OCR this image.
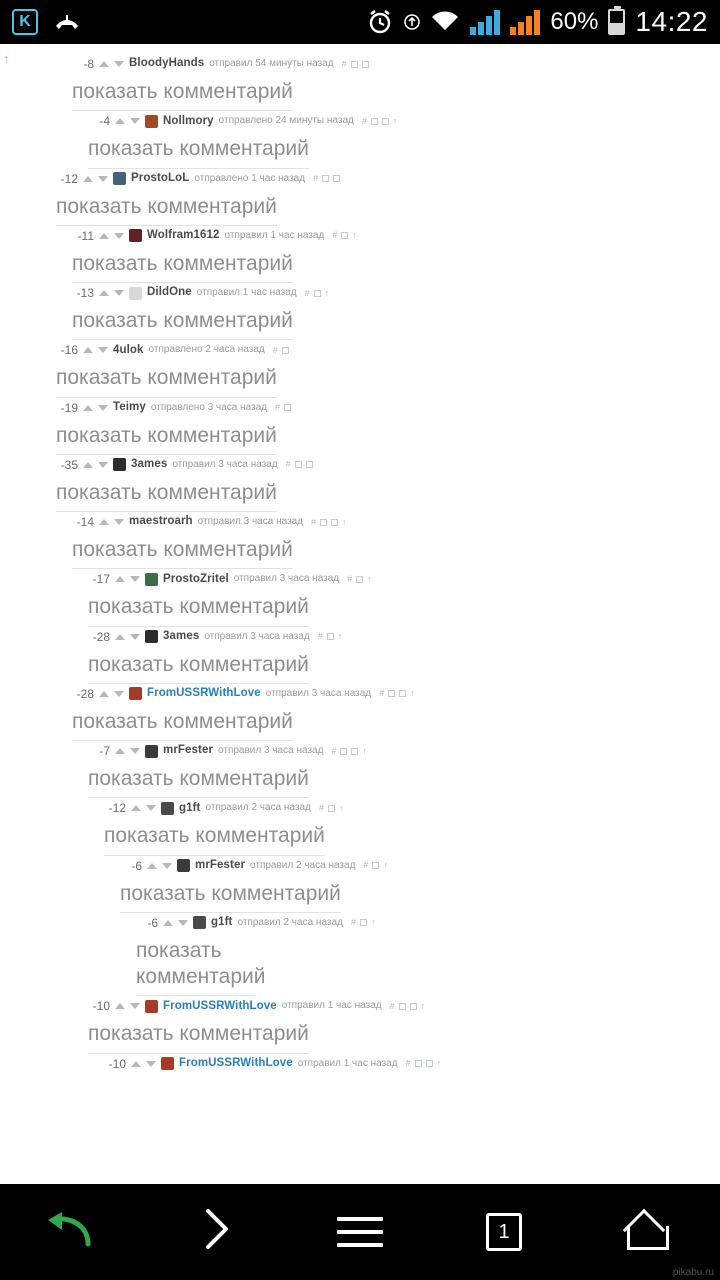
K	60% 14:22
↑	-8	BloodyHands отправил 54 минуты назад #
показать комментарий
-4	Nollmory отправлено 24 минуты назад #	↑
показать комментарий
-12	ProstoLoL отправлено 1 час назад #
показать комментарий
-11	Wolfram1612 отправил 1 час назад # ↑
показать комментарий
-13	DildOne отправил 1 час назад # ↑
показать комментарий
-16	4ulok отправлено 2 часа назад #
показать комментарий
-19	Teimy отправлено 3 часа назад #
показать комментарий
-35	3ames отправил 3 часа назад #
показать комментарий
-14	maestroarh отправил 3 часа назад #	↑
показать комментарий
-17	ProstoZritel отправил 3 часа назад # ↑
показать комментарий
-28	3ames отправил 3 часа назад # ↑
показать комментарий
-28	FromUSSRWithLove отправил 3 часа назад #	↑
показать комментарий
-7	mrFester отправил 3 часа назад #	↑
показать комментарий
-12	g1ft отправил 2 часа назад # ↑
показать комментарий
-6	mrFester отправил 2 часа назад # ↑
показать комментарий
-6	g1ft отправил 2 часа назад # ↑
показать комментарий
-10	FromUSSRWithLove отправил 1 час назад #	↑
показать комментарий
-10	FromUSSRWithLove отправил 1 час назад #	↑
1
pikabu.ru
